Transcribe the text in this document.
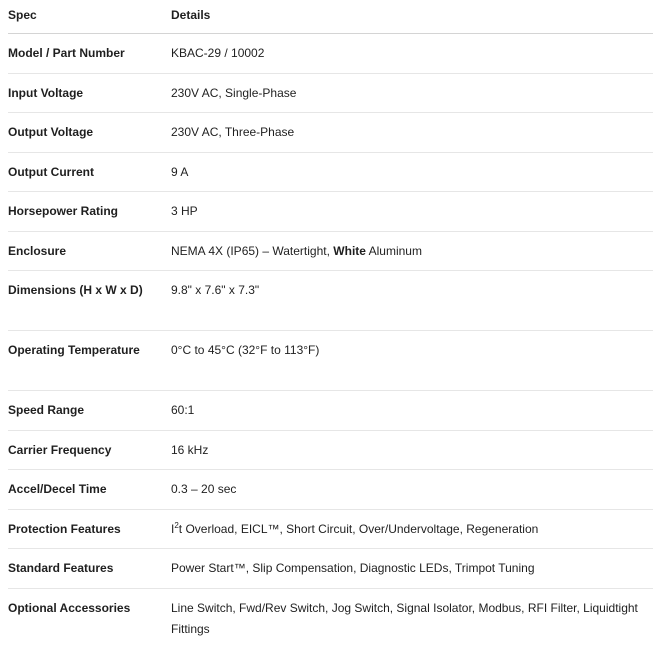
Spec	Details
Model / Part Number	KBAC-29 / 10002
Input Voltage	230V AC, Single-Phase
Output Voltage	230V AC, Three-Phase
Output Current	9 A
Horsepower Rating	3 HP
Enclosure	NEMA 4X (IP65) – Watertight, White Aluminum
Dimensions (H x W x D)	9.8" x 7.6" x 7.3"
Operating Temperature	0°C to 45°C (32°F to 113°F)
Speed Range	60:1
Carrier Frequency	16 kHz
Accel/Decel Time	0.3 – 20 sec
Protection Features	$I^2t$ Overload, EICL™, Short Circuit, Over/Undervoltage, Regeneration
Standard Features	Power Start™, Slip Compensation, Diagnostic LEDs, Trimpot Tuning
Optional Accessories	Line Switch, Fwd/Rev Switch, Jog Switch, Signal Isolator, Modbus, RFI Filter, Liquidtight Fittings
